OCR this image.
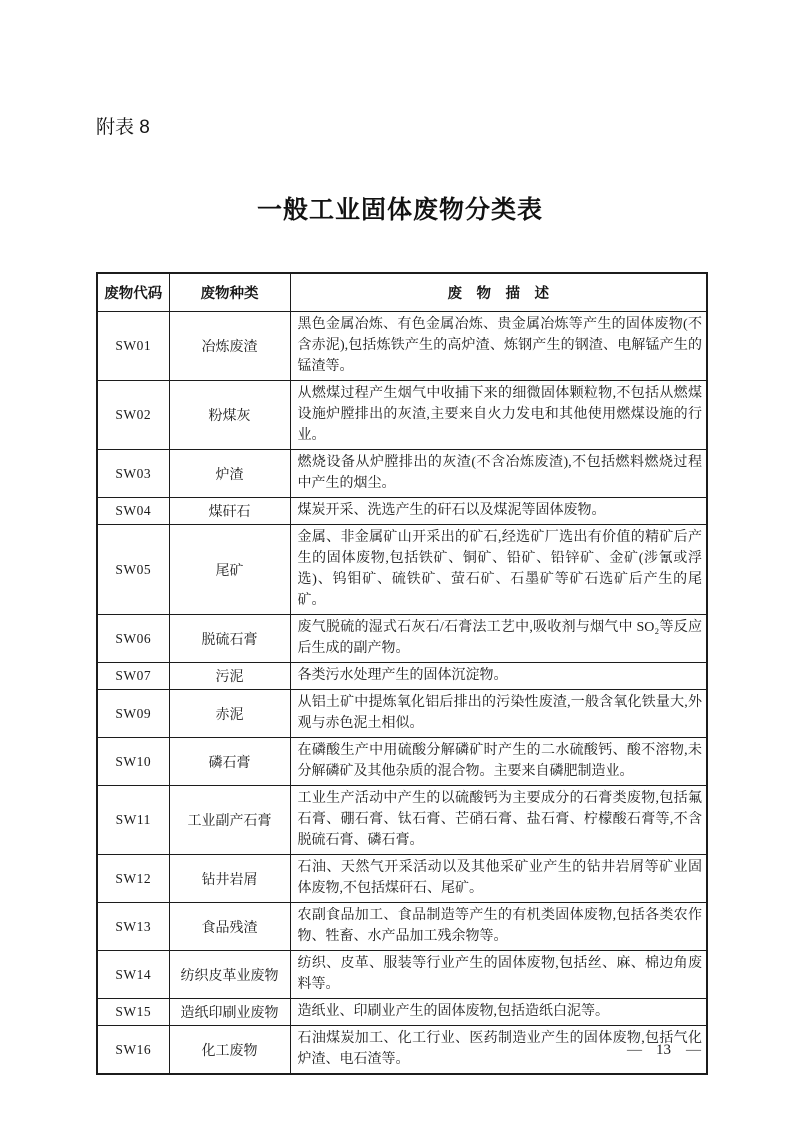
附表 8
一般工业固体废物分类表
废物代码	废物种类	废　物　描　述
SW01	冶炼废渣	黑色金属冶炼、有色金属冶炼、贵金属冶炼等产生的固体废物(不含赤泥),包括炼铁产生的高炉渣、炼钢产生的钢渣、电解锰产生的锰渣等。
SW02	粉煤灰	从燃煤过程产生烟气中收捕下来的细微固体颗粒物,不包括从燃煤设施炉膛排出的灰渣,主要来自火力发电和其他使用燃煤设施的行业。
SW03	炉渣	燃烧设备从炉膛排出的灰渣(不含冶炼废渣),不包括燃料燃烧过程中产生的烟尘。
SW04	煤矸石	煤炭开采、洗选产生的矸石以及煤泥等固体废物。
SW05	尾矿	金属、非金属矿山开采出的矿石,经选矿厂选出有价值的精矿后产生的固体废物,包括铁矿、铜矿、铅矿、铅锌矿、金矿(涉氰或浮选)、钨钼矿、硫铁矿、萤石矿、石墨矿等矿石选矿后产生的尾矿。
SW06	脱硫石膏	废气脱硫的湿式石灰石/石膏法工艺中,吸收剂与烟气中 SO₂等反应后生成的副产物。
SW07	污泥	各类污水处理产生的固体沉淀物。
SW09	赤泥	从铝土矿中提炼氧化铝后排出的污染性废渣,一般含氧化铁量大,外观与赤色泥土相似。
SW10	磷石膏	在磷酸生产中用硫酸分解磷矿时产生的二水硫酸钙、酸不溶物,未分解磷矿及其他杂质的混合物。主要来自磷肥制造业。
SW11	工业副产石膏	工业生产活动中产生的以硫酸钙为主要成分的石膏类废物,包括氟石膏、硼石膏、钛石膏、芒硝石膏、盐石膏、柠檬酸石膏等,不含脱硫石膏、磷石膏。
SW12	钻井岩屑	石油、天然气开采活动以及其他采矿业产生的钻井岩屑等矿业固体废物,不包括煤矸石、尾矿。
SW13	食品残渣	农副食品加工、食品制造等产生的有机类固体废物,包括各类农作物、牲畜、水产品加工残余物等。
SW14	纺织皮革业废物	纺织、皮革、服装等行业产生的固体废物,包括丝、麻、棉边角废料等。
SW15	造纸印刷业废物	造纸业、印刷业产生的固体废物,包括造纸白泥等。
SW16	化工废物	石油煤炭加工、化工行业、医药制造业产生的固体废物,包括气化炉渣、电石渣等。
— 13 —
